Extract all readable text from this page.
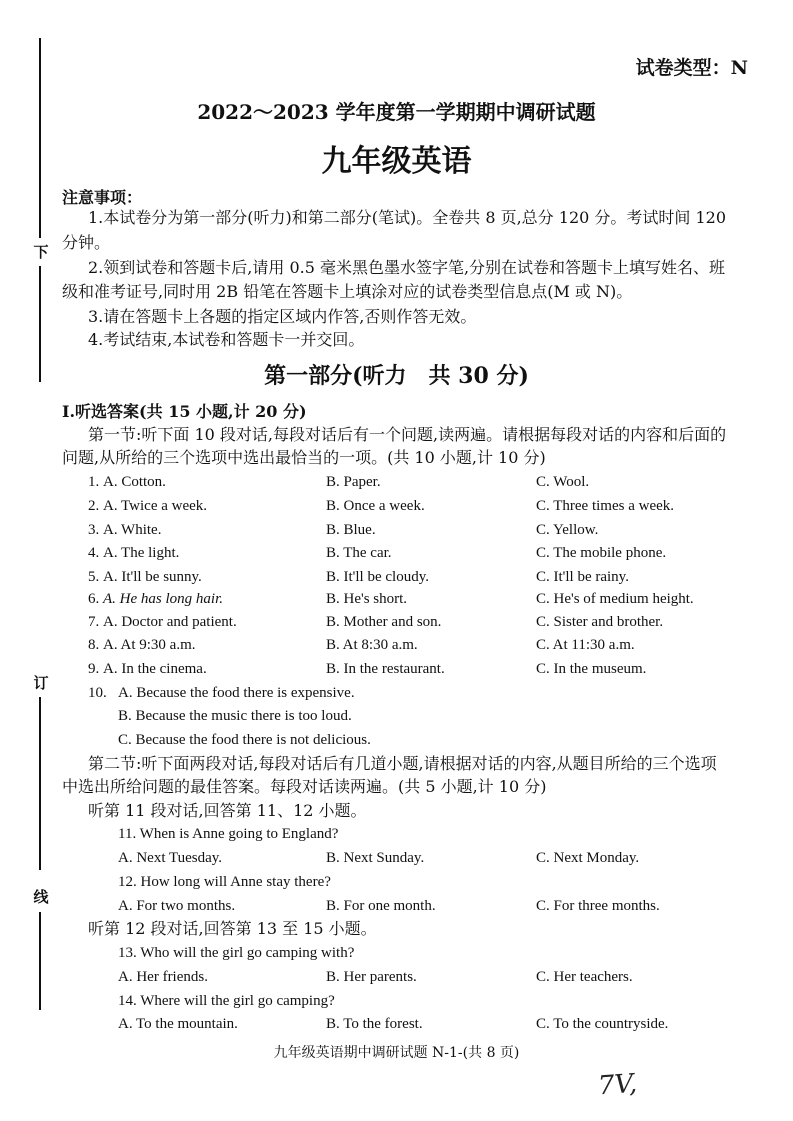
下
订
线
试卷类型：N
2022～2023 学年度第一学期期中调研试题
九年级英语
注意事项：
1.本试卷分为第一部分(听力)和第二部分(笔试)。全卷共 8 页,总分 120 分。考试时间 120
分钟。
2.领到试卷和答题卡后,请用 0.5 毫米黑色墨水签字笔,分别在试卷和答题卡上填写姓名、班
级和准考证号,同时用 2B 铅笔在答题卡上填涂对应的试卷类型信息点(M 或 N)。
3.请在答题卡上各题的指定区域内作答,否则作答无效。
4.考试结束,本试卷和答题卡一并交回。
第一部分(听力　共 30 分)
Ⅰ.听选答案(共 15 小题,计 20 分)
第一节:听下面 10 段对话,每段对话后有一个问题,读两遍。请根据每段对话的内容和后面的
问题,从所给的三个选项中选出最恰当的一项。(共 10 小题,计 10 分)
1. A. Cotton.	B. Paper.	C. Wool.
2. A. Twice a week.	B. Once a week.	C. Three times a week.
3. A. White.	B. Blue.	C. Yellow.
4. A. The light.	B. The car.	C. The mobile phone.
5. A. It'll be sunny.	B. It'll be cloudy.	C. It'll be rainy.
6. A. He has long hair.	B. He's short.	C. He's of medium height.
7. A. Doctor and patient.	B. Mother and son.	C. Sister and brother.
8. A. At 9:30 a.m.	B. At 8:30 a.m.	C. At 11:30 a.m.
9. A. In the cinema.	B. In the restaurant.	C. In the museum.
10. A. Because the food there is expensive.
B. Because the music there is too loud.
C. Because the food there is not delicious.
第二节:听下面两段对话,每段对话后有几道小题,请根据对话的内容,从题目所给的三个选项
中选出所给问题的最佳答案。每段对话读两遍。(共 5 小题,计 10 分)
听第 11 段对话,回答第 11、12 小题。
11. When is Anne going to England?
A. Next Tuesday.	B. Next Sunday.	C. Next Monday.
12. How long will Anne stay there?
A. For two months.	B. For one month.	C. For three months.
听第 12 段对话,回答第 13 至 15 小题。
13. Who will the girl go camping with?
A. Her friends.	B. Her parents.	C. Her teachers.
14. Where will the girl go camping?
A. To the mountain.	B. To the forest.	C. To the countryside.
九年级英语期中调研试题 N-1-(共 8 页)
7V,
